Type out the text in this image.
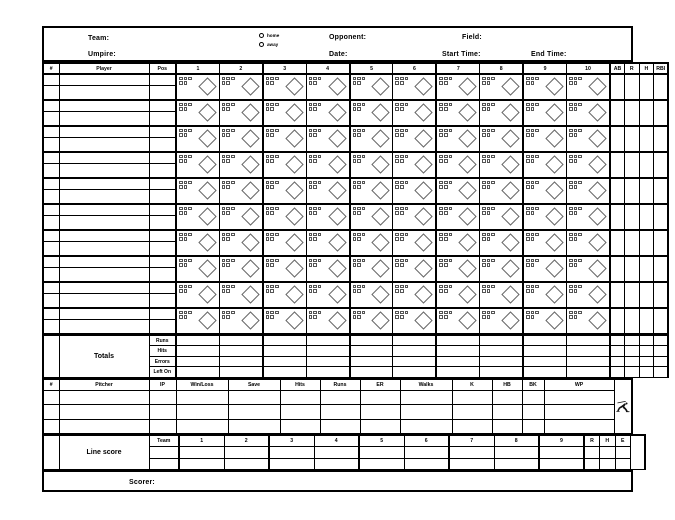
Team:
Umpire:
home
away
Opponent:
Date:
Field:
Start Time:	End Time:
#	Player	Pos	1	2	3	4	5	6	7	8	9	10	AB	R	H	RBI

	Totals	Runs														

		Hits														

		Errors														

		Left On														

#	Pitcher	IP	Win/Loss	Save	Hits	Runs	ER	Walks	K	HB	BK	WP	

	Line score	Team	1	2	3	4	5	6	7	8	9	R	H	E	

Scorer:
